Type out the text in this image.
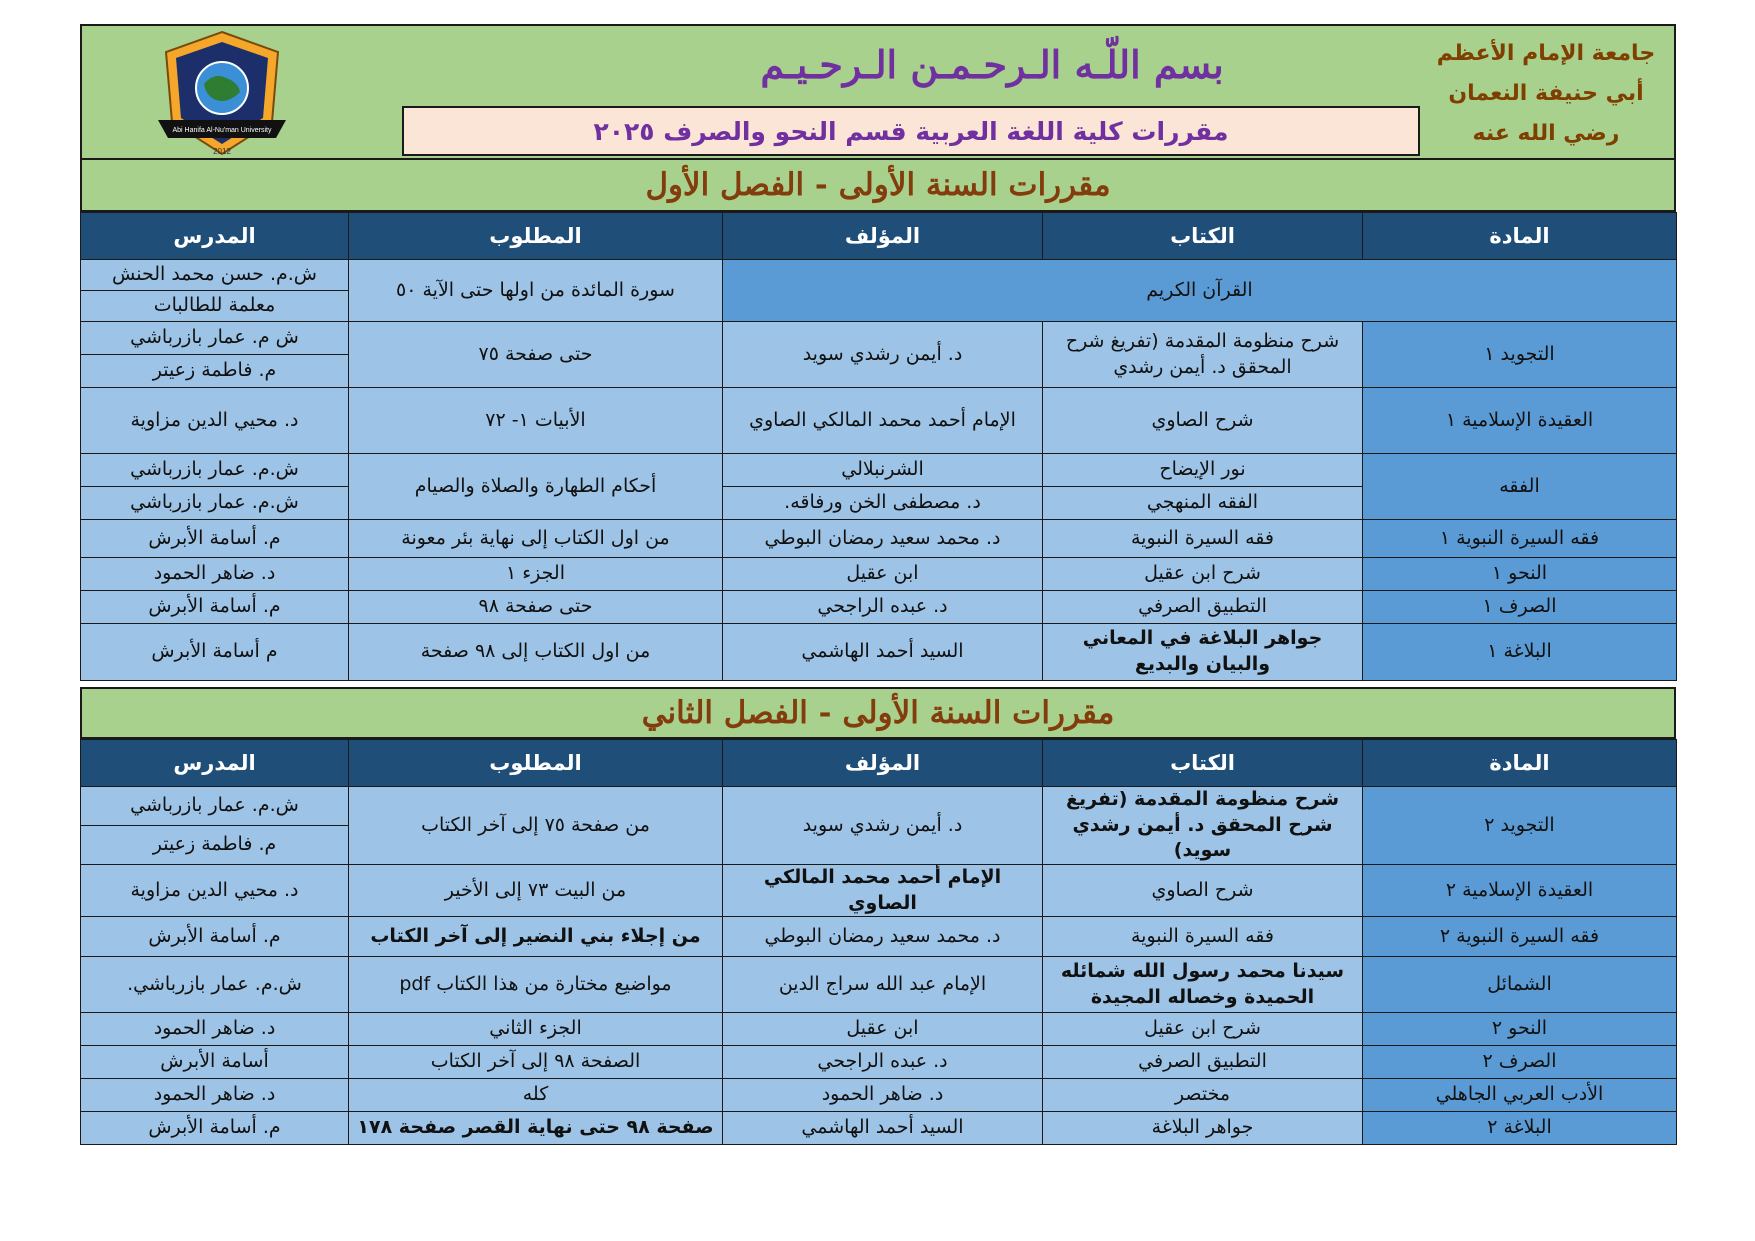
Abi Hanifa Al-Nu'man University
2012
بسم اللّـه الـرحـمـن الـرحـيـم
مقررات كلية اللغة العربية قسم النحو والصرف ٢٠٢٥
جامعة الإمام الأعظم
أبي حنيفة النعمان
رضي الله عنه
مقررات السنة الأولى - الفصل الأول
المادة	الكتاب	المؤلف	المطلوب	المدرس
القرآن الكريم			سورة المائدة من اولها حتى الآية ٥٠	ش.م. حسن محمد الحنش
				معلمة للطالبات
التجويد ١	شرح منظومة المقدمة (تفريغ شرح المحقق د. أيمن رشدي	د. أيمن رشدي سويد	حتى صفحة ٧٥	ش م. عمار بازرباشي
				م. فاطمة زعيتر
العقيدة الإسلامية ١	شرح الصاوي	الإمام أحمد محمد المالكي الصاوي	الأبيات ١- ٧٢	د. محيي الدين مزاوية
الفقه	نور الإيضاح	الشرنبلالي	أحكام الطهارة والصلاة والصيام	ش.م. عمار بازرباشي
	الفقه المنهجي	د. مصطفى الخن ورفاقه.		ش.م. عمار بازرباشي
فقه السيرة النبوية ١	فقه السيرة النبوية	د. محمد سعيد رمضان البوطي	من اول الكتاب إلى نهاية بئر معونة	م. أسامة الأبرش
النحو ١	شرح ابن عقيل	ابن عقيل	الجزء ١	د. ضاهر الحمود
الصرف ١	التطبيق الصرفي	د. عبده الراجحي	حتى صفحة ٩٨	م. أسامة الأبرش
البلاغة ١	جواهر البلاغة في المعاني والبيان والبديع	السيد أحمد الهاشمي	من اول الكتاب إلى ٩٨ صفحة	م أسامة الأبرش
مقررات السنة الأولى - الفصل الثاني
المادة	الكتاب	المؤلف	المطلوب	المدرس
التجويد ٢	شرح منظومة المقدمة (تفريغ شرح المحقق د. أيمن رشدي سويد)	د. أيمن رشدي سويد	من صفحة ٧٥ إلى آخر الكتاب	ش.م. عمار بازرباشي
				م. فاطمة زعيتر
العقيدة الإسلامية ٢	شرح الصاوي	الإمام أحمد محمد المالكي الصاوي	من البيت ٧٣ إلى الأخير	د. محيي الدين مزاوية
فقه السيرة النبوية ٢	فقه السيرة النبوية	د. محمد سعيد رمضان البوطي	من إجلاء بني النضير إلى آخر الكتاب	م. أسامة الأبرش
الشمائل	سيدنا محمد رسول الله شمائله الحميدة وخصاله المجيدة	الإمام عبد الله سراج الدين	مواضيع مختارة من هذا الكتاب pdf	ش.م. عمار بازرباشي.
النحو ٢	شرح ابن عقيل	ابن عقيل	الجزء الثاني	د. ضاهر الحمود
الصرف ٢	التطبيق الصرفي	د. عبده الراجحي	الصفحة ٩٨ إلى آخر الكتاب	أسامة الأبرش
الأدب العربي الجاهلي	مختصر	د. ضاهر الحمود	كله	د. ضاهر الحمود
البلاغة ٢	جواهر البلاغة	السيد أحمد الهاشمي	صفحة ٩٨ حتى نهاية القصر صفحة ١٧٨	م. أسامة الأبرش
